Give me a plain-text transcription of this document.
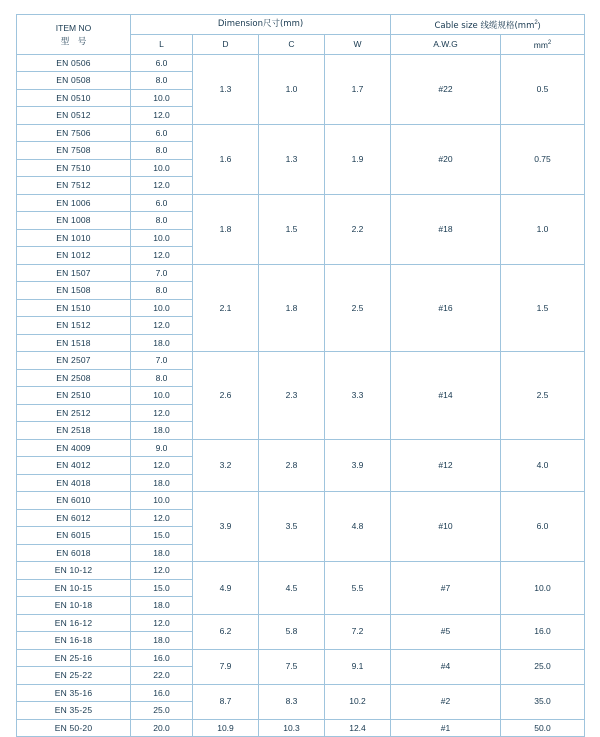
ITEM NO
型　号	Dimension尺寸(mm)				Cable size 线缆规格$(mm^2)$	
	L	D	C	W	A.W.G	$mm^2$
EN 0506	6.0	1.3	1.0	1.7	#22	0.5
EN 0508	8.0					
EN 0510	10.0					
EN 0512	12.0					
EN 7506	6.0	1.6	1.3	1.9	#20	0.75
EN 7508	8.0					
EN 7510	10.0					
EN 7512	12.0					
EN 1006	6.0	1.8	1.5	2.2	#18	1.0
EN 1008	8.0					
EN 1010	10.0					
EN 1012	12.0					
EN 1507	7.0	2.1	1.8	2.5	#16	1.5
EN 1508	8.0					
EN 1510	10.0					
EN 1512	12.0					
EN 1518	18.0					
EN 2507	7.0	2.6	2.3	3.3	#14	2.5
EN 2508	8.0					
EN 2510	10.0					
EN 2512	12.0					
EN 2518	18.0					
EN 4009	9.0	3.2	2.8	3.9	#12	4.0
EN 4012	12.0					
EN 4018	18.0					
EN 6010	10.0	3.9	3.5	4.8	#10	6.0
EN 6012	12.0					
EN 6015	15.0					
EN 6018	18.0					
EN 10-12	12.0	4.9	4.5	5.5	#7	10.0
EN 10-15	15.0					
EN 10-18	18.0					
EN 16-12	12.0	6.2	5.8	7.2	#5	16.0
EN 16-18	18.0					
EN 25-16	16.0	7.9	7.5	9.1	#4	25.0
EN 25-22	22.0					
EN 35-16	16.0	8.7	8.3	10.2	#2	35.0
EN 35-25	25.0					
EN 50-20	20.0	10.9	10.3	12.4	#1	50.0
